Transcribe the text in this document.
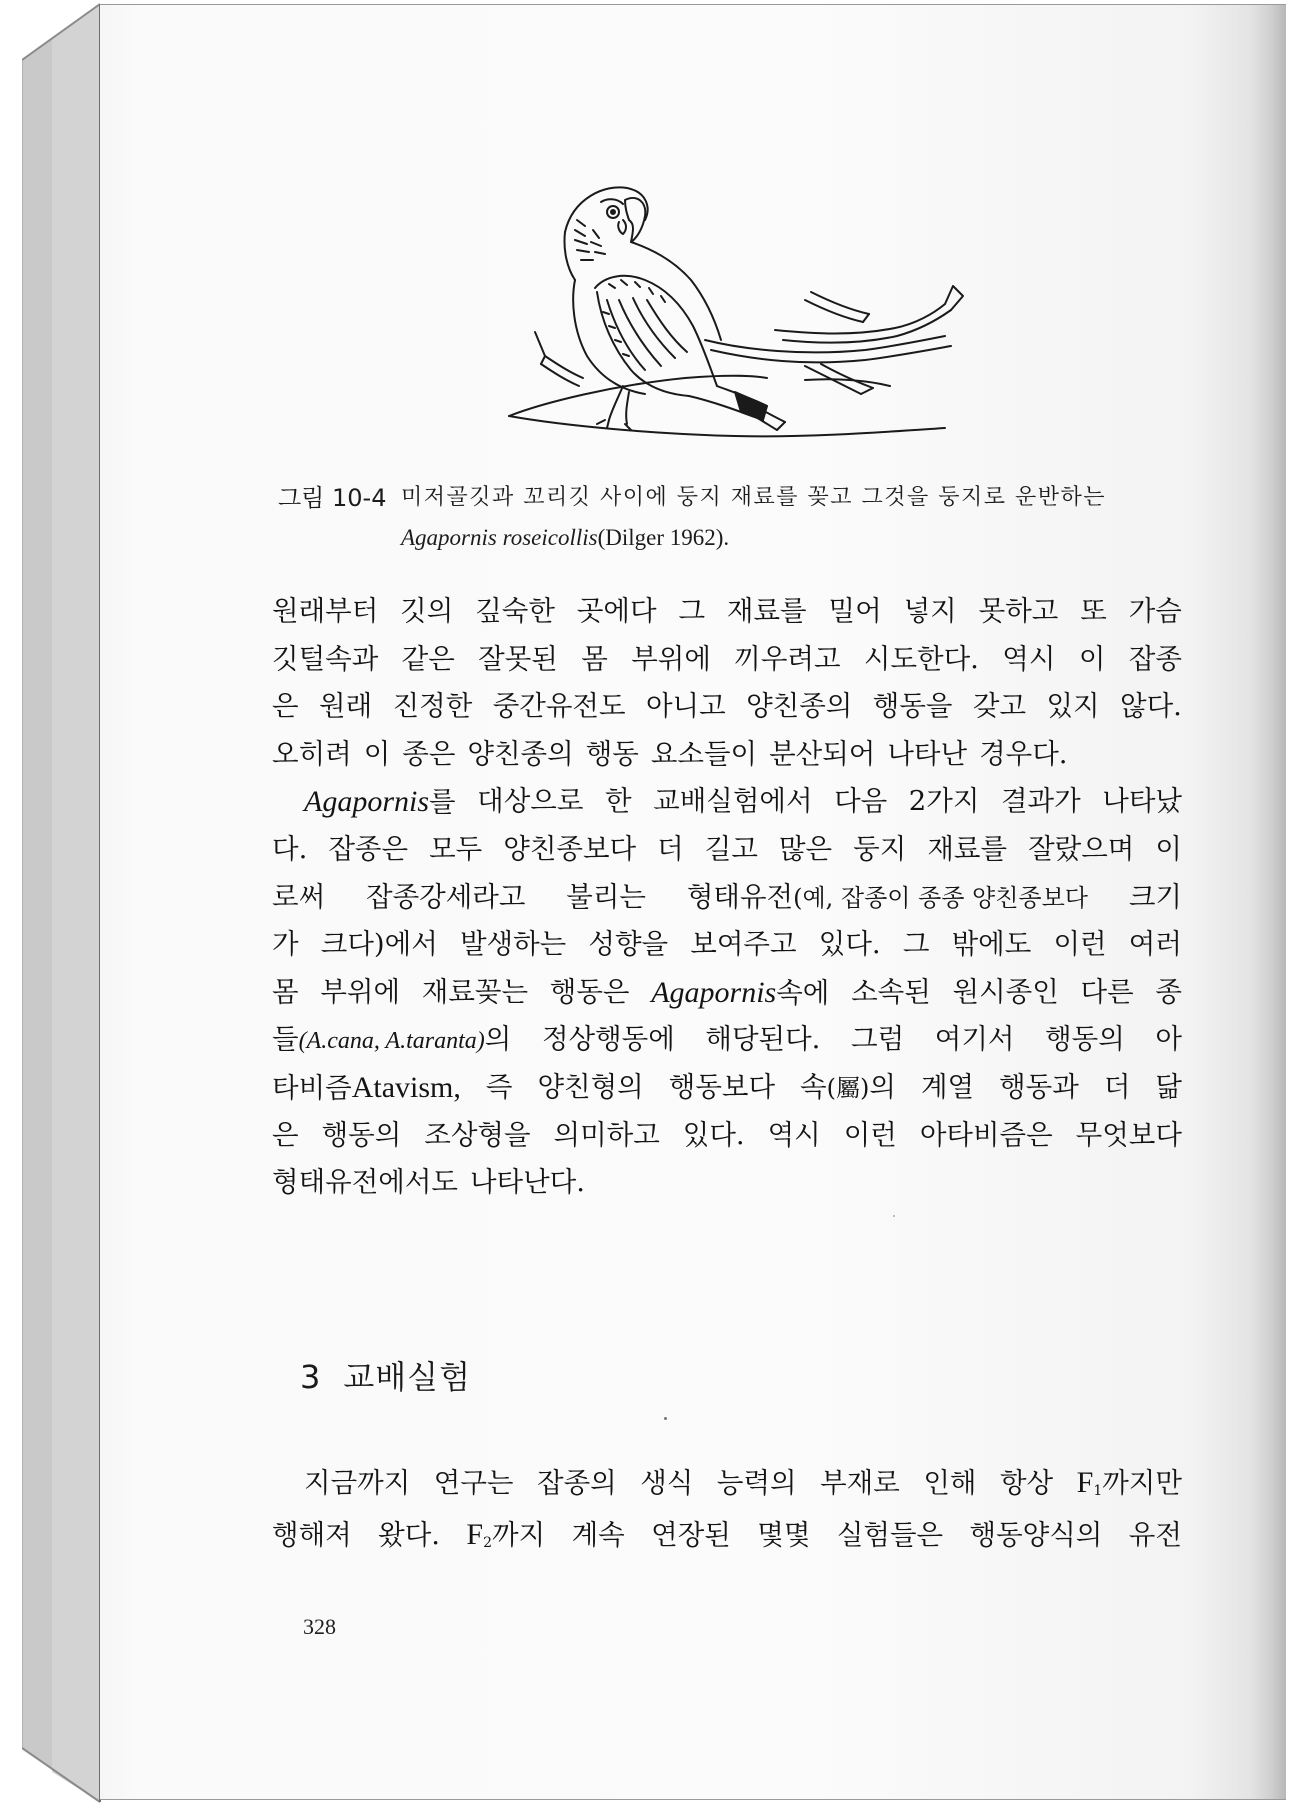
그림 10-4 미저골깃과 꼬리깃 사이에 둥지 재료를 꽂고 그것을 둥지로 운반하는
Agapornis roseicollis(Dilger 1962).
원래부터 깃의 깊숙한 곳에다 그 재료를 밀어 넣지 못하고 또 가슴
깃털속과 같은 잘못된 몸 부위에 끼우려고 시도한다. 역시 이 잡종
은 원래 진정한 중간유전도 아니고 양친종의 행동을 갖고 있지 않다.
오히려 이 종은 양친종의 행동 요소들이 분산되어 나타난 경우다.
Agapornis를 대상으로 한 교배실험에서 다음 2가지 결과가 나타났
다. 잡종은 모두 양친종보다 더 길고 많은 둥지 재료를 잘랐으며 이
로써 잡종강세라고 불리는 형태유전(예, 잡종이 종종 양친종보다 크기
가 크다)에서 발생하는 성향을 보여주고 있다. 그 밖에도 이런 여러
몸 부위에 재료꽂는 행동은 Agapornis속에 소속된 원시종인 다른 종
들(A.cana, A.taranta)의 정상행동에 해당된다. 그럼 여기서 행동의 아
타비즘Atavism, 즉 양친형의 행동보다 속(屬)의 계열 행동과 더 닮
은 행동의 조상형을 의미하고 있다. 역시 이런 아타비즘은 무엇보다
형태유전에서도 나타난다.
3 교배실험
지금까지 연구는 잡종의 생식 능력의 부재로 인해 항상 $F_1$까지만
행해져 왔다. $F_2$까지 계속 연장된 몇몇 실험들은 행동양식의 유전
328
